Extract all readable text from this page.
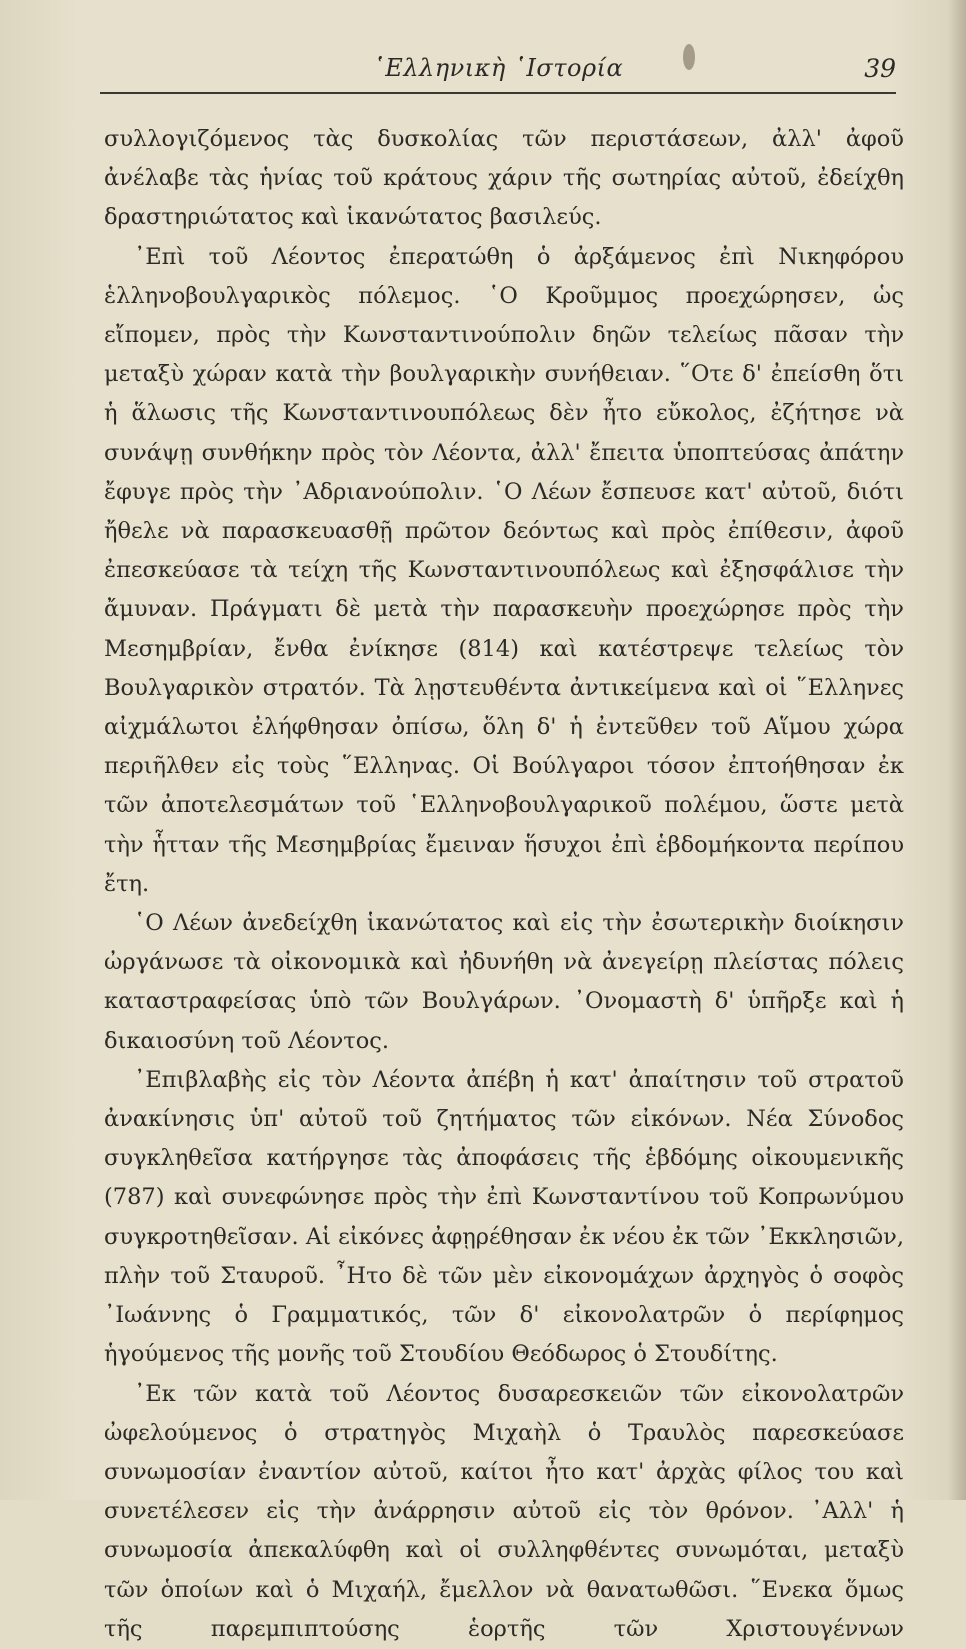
῾Ελληνικὴ ῾Ιστορία	39

συλλογιζόμενος τὰς δυσκολίας τῶν περιστάσεων, ἀλλ' ἀφοῦ ἀνέλαβε τὰς ἡνίας τοῦ κράτους χάριν τῆς σωτηρίας αὐτοῦ, ἐδείχθη δραστηριώτατος καὶ ἱκανώτατος βασιλεύς.

᾿Επὶ τοῦ Λέοντος ἐπερατώθη ὁ ἀρξάμενος ἐπὶ Νικηφόρου ἑλληνοβουλγαρικὸς πόλεμος. ῾Ο Κροῦμμος προεχώρησεν, ὡς εἴπομεν, πρὸς τὴν Κωνσταντινούπολιν δηῶν τελείως πᾶσαν τὴν μεταξὺ χώραν κατὰ τὴν βουλγαρικὴν συνήθειαν. ῞Οτε δ' ἐπείσθη ὅτι ἡ ἅλωσις τῆς Κωνσταντινουπόλεως δὲν ἦτο εὔκολος, ἐζήτησε νὰ συνάψῃ συνθήκην πρὸς τὸν Λέοντα, ἀλλ' ἔπειτα ὑποπτεύσας ἀπάτην ἔφυγε πρὸς τὴν ᾿Αδριανούπολιν. ῾Ο Λέων ἔσπευσε κατ' αὐτοῦ, διότι ἤθελε νὰ παρασκευασθῇ πρῶτον δεόντως καὶ πρὸς ἐπίθεσιν, ἀφοῦ ἐπεσκεύασε τὰ τείχη τῆς Κωνσταντινουπόλεως καὶ ἐξησφάλισε τὴν ἄμυναν. Πράγματι δὲ μετὰ τὴν παρασκευὴν προεχώρησε πρὸς τὴν Μεσημβρίαν, ἔνθα ἐνίκησε (814) καὶ κατέστρεψε τελείως τὸν Βουλγαρικὸν στρατόν. Τὰ λῃστευθέντα ἀντικείμενα καὶ οἱ ῞Ελληνες αἰχμάλωτοι ἐλήφθησαν ὀπίσω, ὅλη δ' ἡ ἐντεῦθεν τοῦ Αἵμου χώρα περιῆλθεν εἰς τοὺς ῞Ελληνας. Οἱ Βούλγαροι τόσον ἐπτοήθησαν ἐκ τῶν ἀποτελεσμάτων τοῦ ῾Ελληνοβουλγαρικοῦ πολέμου, ὥστε μετὰ τὴν ἧτταν τῆς Μεσημβρίας ἔμειναν ἥσυχοι ἐπὶ ἑβδομήκοντα περίπου ἔτη.

῾Ο Λέων ἀνεδείχθη ἱκανώτατος καὶ εἰς τὴν ἐσωτερικὴν διοίκησιν ὠργάνωσε τὰ οἰκονομικὰ καὶ ἠδυνήθη νὰ ἀνεγείρῃ πλείστας πόλεις καταστραφείσας ὑπὸ τῶν Βουλγάρων. ᾿Ονομαστὴ δ' ὑπῆρξε καὶ ἡ δικαιοσύνη τοῦ Λέοντος.

᾿Επιβλαβὴς εἰς τὸν Λέοντα ἀπέβη ἡ κατ' ἀπαίτησιν τοῦ στρατοῦ ἀνακίνησις ὑπ' αὐτοῦ τοῦ ζητήματος τῶν εἰκόνων. Νέα Σύνοδος συγκληθεῖσα κατήργησε τὰς ἀποφάσεις τῆς ἑβδόμης οἰκουμενικῆς (787) καὶ συνεφώνησε πρὸς τὴν ἐπὶ Κωνσταντίνου τοῦ Κοπρωνύμου συγκροτηθεῖσαν. Αἱ εἰκόνες ἀφῃρέθησαν ἐκ νέου ἐκ τῶν ᾿Εκκλησιῶν, πλὴν τοῦ Σταυροῦ. ῏Ητο δὲ τῶν μὲν εἰκονομάχων ἀρχηγὸς ὁ σοφὸς ᾿Ιωάννης ὁ Γραμματικός, τῶν δ' εἰκονολατρῶν ὁ περίφημος ἡγούμενος τῆς μονῆς τοῦ Στουδίου Θεόδωρος ὁ Στουδίτης.

᾿Εκ τῶν κατὰ τοῦ Λέοντος δυσαρεσκειῶν τῶν εἰκονολατρῶν ὠφελούμενος ὁ στρατηγὸς Μιχαὴλ ὁ Τραυλὸς παρεσκεύασε συνωμοσίαν ἐναντίον αὐτοῦ, καίτοι ἦτο κατ' ἀρχὰς φίλος του καὶ συνετέλεσεν εἰς τὴν ἀνάρρησιν αὐτοῦ εἰς τὸν θρόνον. ᾿Αλλ' ἡ συνωμοσία ἀπεκαλύφθη καὶ οἱ συλληφθέντες συνωμόται, μεταξὺ τῶν ὁποίων καὶ ὁ Μιχαήλ, ἔμελλον νὰ θανατωθῶσι. ῞Ενεκα ὅμως τῆς παρεμπιπτούσης ἑορτῆς τῶν Χριστουγέννων
